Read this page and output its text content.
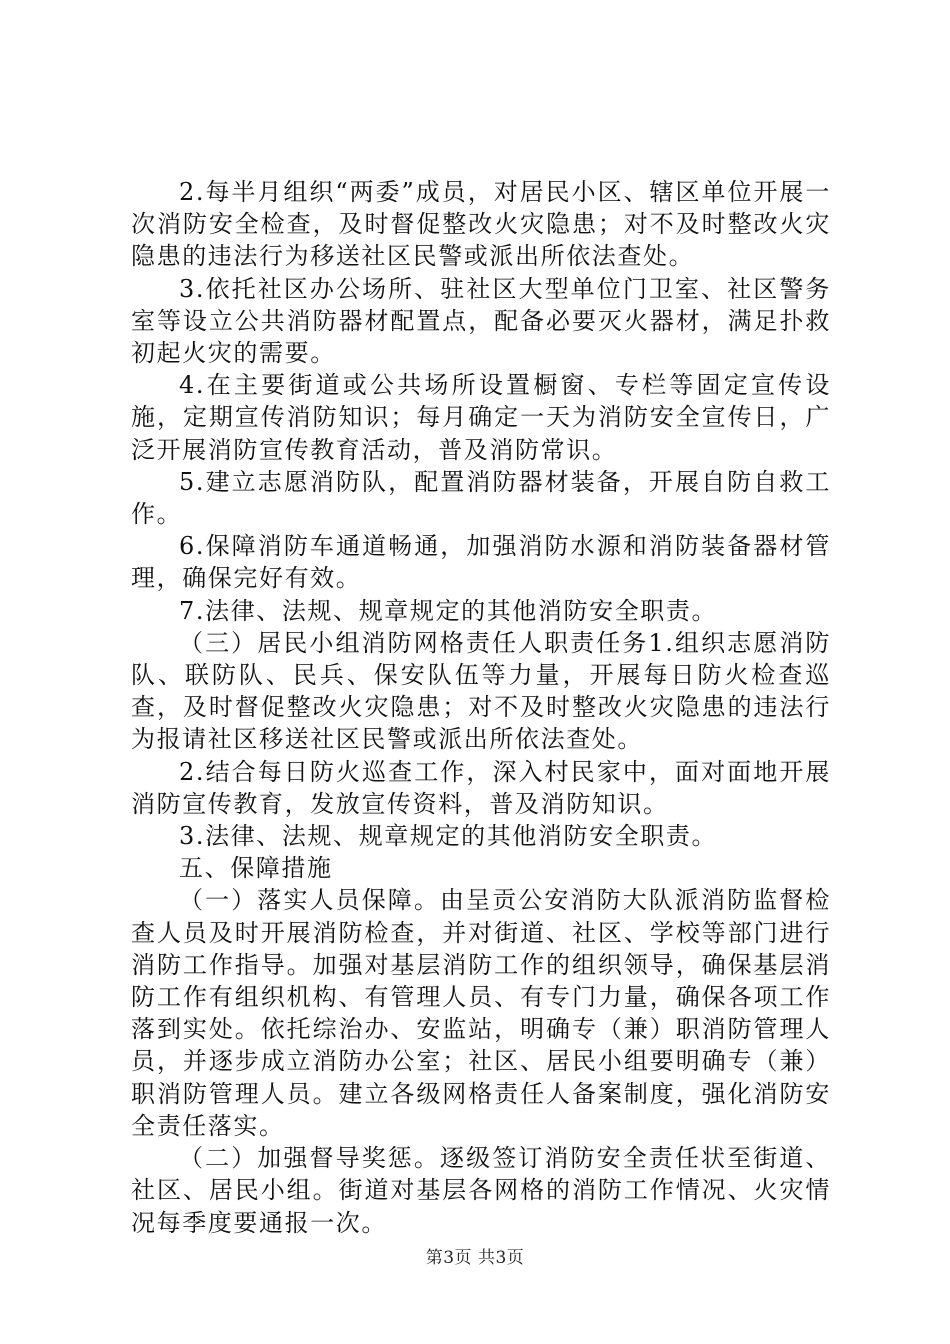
2.每半月组织“两委”成员，对居民小区、辖区单位开展一次消防安全检查，及时督促整改火灾隐患；对不及时整改火灾隐患的违法行为移送社区民警或派出所依法查处。

3.依托社区办公场所、驻社区大型单位门卫室、社区警务室等设立公共消防器材配置点，配备必要灭火器材，满足扑救初起火灾的需要。

4.在主要街道或公共场所设置橱窗、专栏等固定宣传设施，定期宣传消防知识；每月确定一天为消防安全宣传日，广泛开展消防宣传教育活动，普及消防常识。

5.建立志愿消防队，配置消防器材装备，开展自防自救工作。

6.保障消防车通道畅通，加强消防水源和消防装备器材管理，确保完好有效。

7.法律、法规、规章规定的其他消防安全职责。

（三）居民小组消防网格责任人职责任务1.组织志愿消防队、联防队、民兵、保安队伍等力量，开展每日防火检查巡查，及时督促整改火灾隐患；对不及时整改火灾隐患的违法行为报请社区移送社区民警或派出所依法查处。

2.结合每日防火巡查工作，深入村民家中，面对面地开展消防宣传教育，发放宣传资料，普及消防知识。

3.法律、法规、规章规定的其他消防安全职责。

五、保障措施

（一）落实人员保障。由呈贡公安消防大队派消防监督检查人员及时开展消防检查，并对街道、社区、学校等部门进行消防工作指导。加强对基层消防工作的组织领导，确保基层消防工作有组织机构、有管理人员、有专门力量，确保各项工作落到实处。依托综治办、安监站，明确专（兼）职消防管理人员，并逐步成立消防办公室；社区、居民小组要明确专（兼）职消防管理人员。建立各级网格责任人备案制度，强化消防安全责任落实。

（二）加强督导奖惩。逐级签订消防安全责任状至街道、社区、居民小组。街道对基层各网格的消防工作情况、火灾情况每季度要通报一次。

第3页 共3页
